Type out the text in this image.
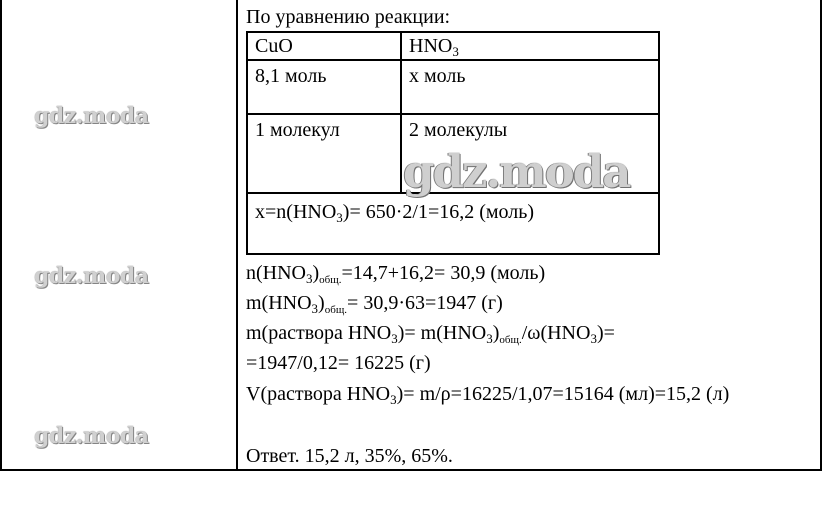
gdz.moda
gdz.moda
gdz.moda
По уравнению реакции:
CuO	$HNO_3$
8,1 моль	x моль
1 молекул	2 молекулы
$x=n(HNO_3)= 650\cdot 2/1=16,2$ (моль)
gdz.moda
$n(HNO_3)_{общ.}=14,7+16,2= 30,9$ (моль)
$m(HNO_3)_{общ.}= 30,9\cdot 63=1947$ (г)
m(раствора $HNO_3)= m(HNO_3)_{общ.}/\omega(HNO_3)=$
=1947/0,12= 16225 (г)
V(раствора $HNO_3)= m/\rho=16225/1,07=15164$ (мл)=15,2 (л)
Ответ. 15,2 л, 35%, 65%.
